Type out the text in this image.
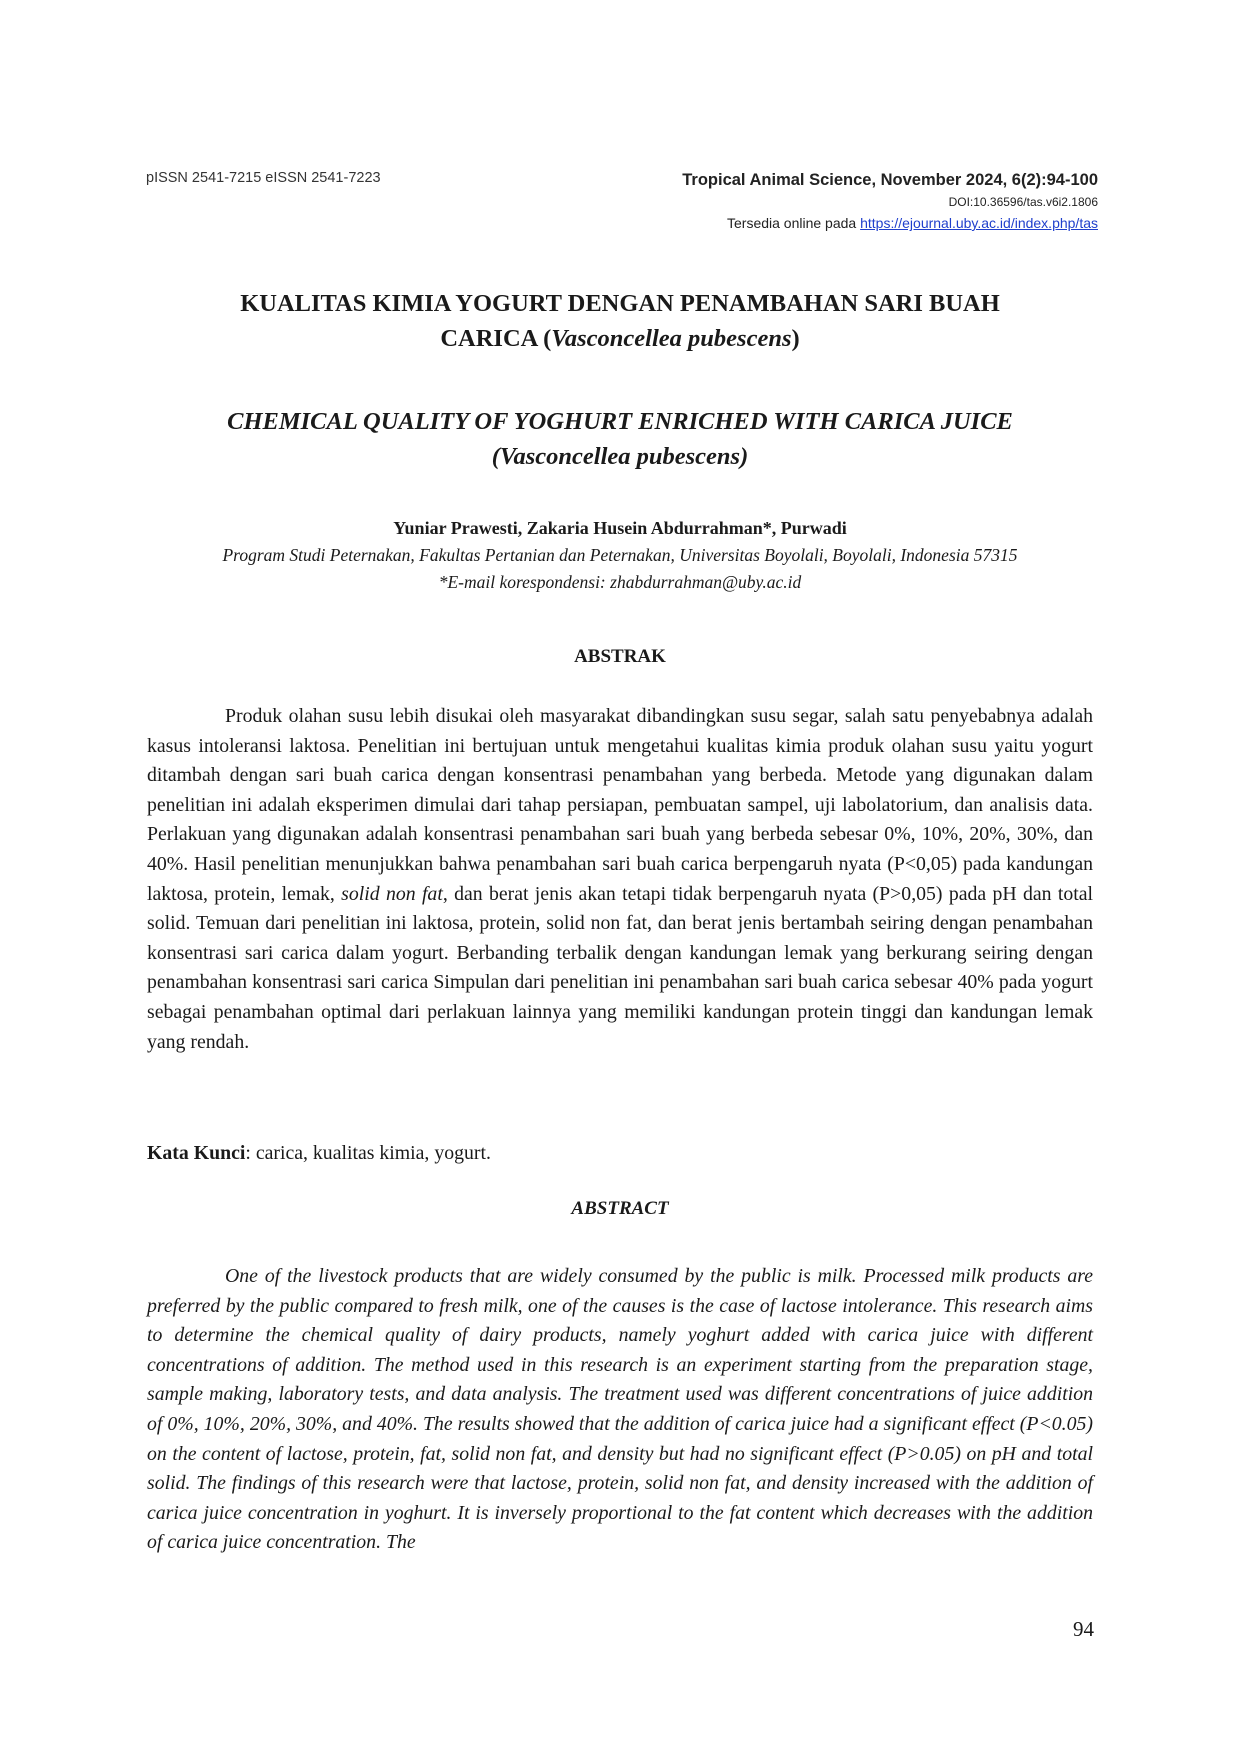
pISSN 2541-7215 eISSN 2541-7223	Tropical Animal Science, November 2024, 6(2):94-100
DOI:10.36596/tas.v6i2.1806
Tersedia online pada https://ejournal.uby.ac.id/index.php/tas
KUALITAS KIMIA YOGURT DENGAN PENAMBAHAN SARI BUAH
CARICA (Vasconcellea pubescens)
CHEMICAL QUALITY OF YOGHURT ENRICHED WITH CARICA JUICE
(Vasconcellea pubescens)
Yuniar Prawesti, Zakaria Husein Abdurrahman*, Purwadi
Program Studi Peternakan, Fakultas Pertanian dan Peternakan, Universitas Boyolali, Boyolali, Indonesia 57315
*E-mail korespondensi: zhabdurrahman@uby.ac.id
ABSTRAK

Produk olahan susu lebih disukai oleh masyarakat dibandingkan susu segar, salah satu penyebabnya adalah kasus intoleransi laktosa. Penelitian ini bertujuan untuk mengetahui kualitas kimia produk olahan susu yaitu yogurt ditambah dengan sari buah carica dengan konsentrasi penambahan yang berbeda. Metode yang digunakan dalam penelitian ini adalah eksperimen dimulai dari tahap persiapan, pembuatan sampel, uji labolatorium, dan analisis data. Perlakuan yang digunakan adalah konsentrasi penambahan sari buah yang berbeda sebesar 0%, 10%, 20%, 30%, dan 40%. Hasil penelitian menunjukkan bahwa penambahan sari buah carica berpengaruh nyata (P<0,05) pada kandungan laktosa, protein, lemak, solid non fat, dan berat jenis akan tetapi tidak berpengaruh nyata (P>0,05) pada pH dan total solid. Temuan dari penelitian ini laktosa, protein, solid non fat, dan berat jenis bertambah seiring dengan penambahan konsentrasi sari carica dalam yogurt. Berbanding terbalik dengan kandungan lemak yang berkurang seiring dengan penambahan konsentrasi sari carica Simpulan dari penelitian ini penambahan sari buah carica sebesar 40% pada yogurt sebagai penambahan optimal dari perlakuan lainnya yang memiliki kandungan protein tinggi dan kandungan lemak yang rendah.

Kata Kunci: carica, kualitas kimia, yogurt.
ABSTRACT

One of the livestock products that are widely consumed by the public is milk. Processed milk products are preferred by the public compared to fresh milk, one of the causes is the case of lactose intolerance. This research aims to determine the chemical quality of dairy products, namely yoghurt added with carica juice with different concentrations of addition. The method used in this research is an experiment starting from the preparation stage, sample making, laboratory tests, and data analysis. The treatment used was different concentrations of juice addition of 0%, 10%, 20%, 30%, and 40%. The results showed that the addition of carica juice had a significant effect (P<0.05) on the content of lactose, protein, fat, solid non fat, and density but had no significant effect (P>0.05) on pH and total solid. The findings of this research were that lactose, protein, solid non fat, and density increased with the addition of carica juice concentration in yoghurt. It is inversely proportional to the fat content which decreases with the addition of carica juice concentration. The

94
